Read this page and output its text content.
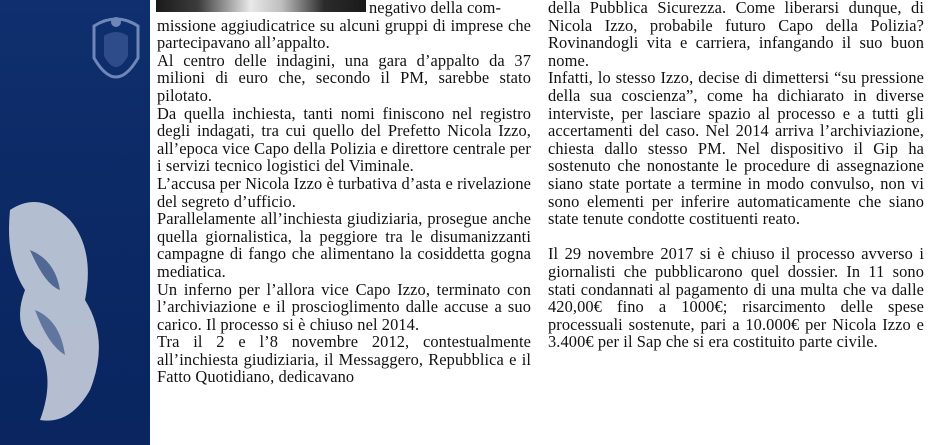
negativo della com-

missione aggiudicatrice su alcuni gruppi di imprese che partecipavano all’appalto.

Al centro delle indagini, una gara d’appalto da 37 milioni di euro che, secondo il PM, sarebbe stato pilotato.

Da quella inchiesta, tanti nomi finiscono nel registro degli indagati, tra cui quello del Prefetto Nicola Izzo, all’epoca vice Capo della Polizia e direttore centrale per i servizi tecnico logistici del Viminale.

L’accusa per Nicola Izzo è turbativa d’asta e rivelazione del segreto d’ufficio.

Parallelamente all’inchiesta giudiziaria, prosegue anche quella giornalistica, la peggiore tra le disumanizzanti campagne di fango che alimentano la cosiddetta gogna mediatica.

Un inferno per l’allora vice Capo Izzo, terminato con l’archiviazione e il proscioglimento dalle accuse a suo carico. Il processo si è chiuso nel 2014.

Tra il 2 e l’8 novembre 2012, contestualmente all’inchiesta giudiziaria, il Messaggero, Repubblica e il Fatto Quotidiano, dedicavano

della Pubblica Sicurezza. Come liberarsi dunque, di Nicola Izzo, probabile futuro Capo della Polizia? Rovinandogli vita e carriera, infangando il suo buon nome.

Infatti, lo stesso Izzo, decise di dimettersi “su pressione della sua coscienza”, come ha dichiarato in diverse interviste, per lasciare spazio al processo e a tutti gli accertamenti del caso. Nel 2014 arriva l’archiviazione, chiesta dallo stesso PM. Nel dispositivo il Gip ha sostenuto che nonostante le procedure di assegnazione siano state portate a termine in modo convulso, non vi sono elementi per inferire automaticamente che siano state tenute condotte costituenti reato.

Il 29 novembre 2017 si è chiuso il processo avverso i giornalisti che pubblicarono quel dossier. In 11 sono stati condannati al pagamento di una multa che va dalle 420,00€ fino a 1000€; risarcimento delle spese processuali sostenute, pari a 10.000€ per Nicola Izzo e 3.400€ per il Sap che si era costituito parte civile.
